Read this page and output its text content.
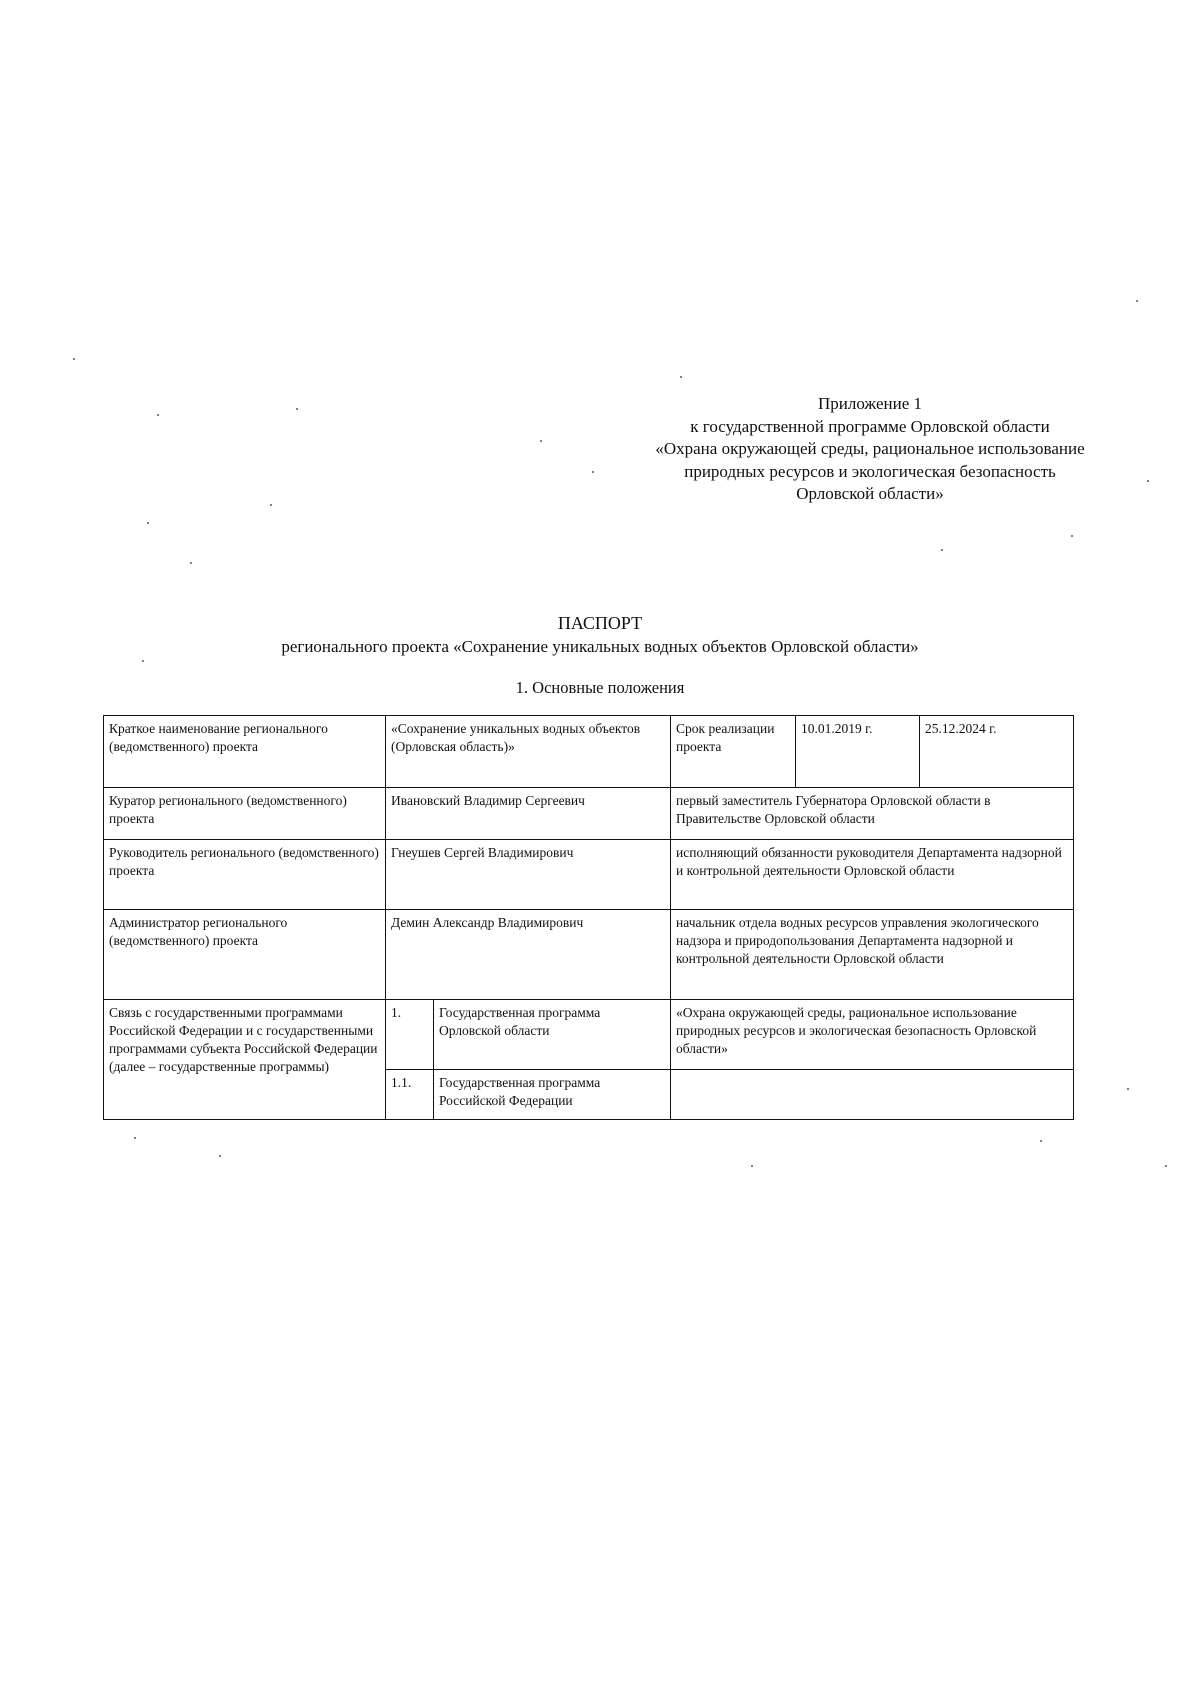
Приложение 1
к государственной программе Орловской области
«Охрана окружающей среды, рациональное использование
природных ресурсов и экологическая безопасность
Орловской области»
ПАСПОРТ
регионального проекта «Сохранение уникальных водных объектов Орловской области»
1. Основные положения
Краткое наименование регионального (ведомственного) проекта	«Сохранение уникальных водных объектов (Орловская область)»		Срок реализации проекта	10.01.2019 г.	25.12.2024 г.
Куратор регионального (ведомственного) проекта	Ивановский Владимир Сергеевич		первый заместитель Губернатора Орловской области в Правительстве Орловской области		
Руководитель регионального (ведомственного) проекта	Гнеушев Сергей Владимирович		исполняющий обязанности руководителя Департамента надзорной и контрольной деятельности Орловской области		
Администратор регионального (ведомственного) проекта	Демин Александр Владимирович		начальник отдела водных ресурсов управления экологического надзора и природопользования Департамента надзорной и контрольной деятельности Орловской области		
Связь с государственными программами Российской Федерации и с государственными программами субъекта Российской Федерации (далее – государственные программы)	1.	Государственная программа Орловской области	«Охрана окружающей среды, рациональное использование природных ресурсов и экологическая безопасность Орловской области»		
	1.1.	Государственная программа Российской Федерации			
